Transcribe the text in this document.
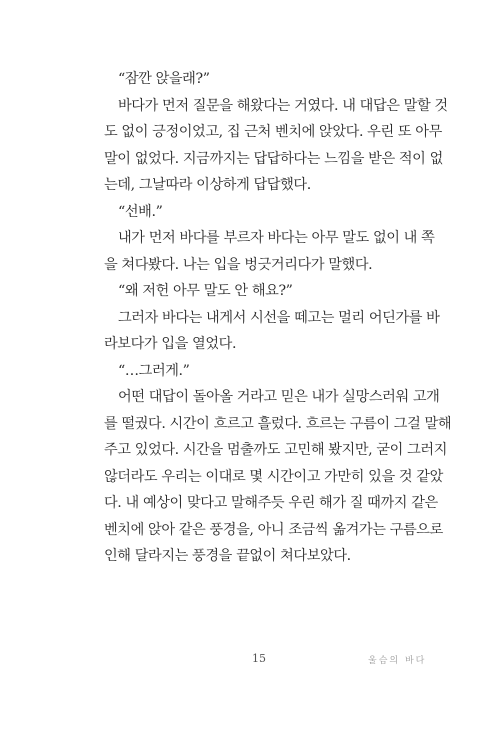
“잠깐 앉을래?”
바다가 먼저 질문을 해왔다는 거였다. 내 대답은 말할 것
도 없이 긍정이었고, 집 근처 벤치에 앉았다. 우린 또 아무
말이 없었다. 지금까지는 답답하다는 느낌을 받은 적이 없
는데, 그날따라 이상하게 답답했다.
“선배.”
내가 먼저 바다를 부르자 바다는 아무 말도 없이 내 쪽
을 쳐다봤다. 나는 입을 벙긋거리다가 말했다.
“왜 저헌 아무 말도 안 해요?”
그러자 바다는 내게서 시선을 떼고는 멀리 어딘가를 바
라보다가 입을 열었다.
“…그러게.”
어떤 대답이 돌아올 거라고 믿은 내가 실망스러워 고개
를 떨궜다. 시간이 흐르고 흘렀다. 흐르는 구름이 그걸 말해
주고 있었다. 시간을 멈출까도 고민해 봤지만, 굳이 그러지
않더라도 우리는 이대로 몇 시간이고 가만히 있을 것 같았
다. 내 예상이 맞다고 말해주듯 우린 해가 질 때까지 같은
벤치에 앉아 같은 풍경을, 아니 조금씩 옮겨가는 구름으로
인해 달라지는 풍경을 끝없이 쳐다보았다.
15	울슴의 바다
